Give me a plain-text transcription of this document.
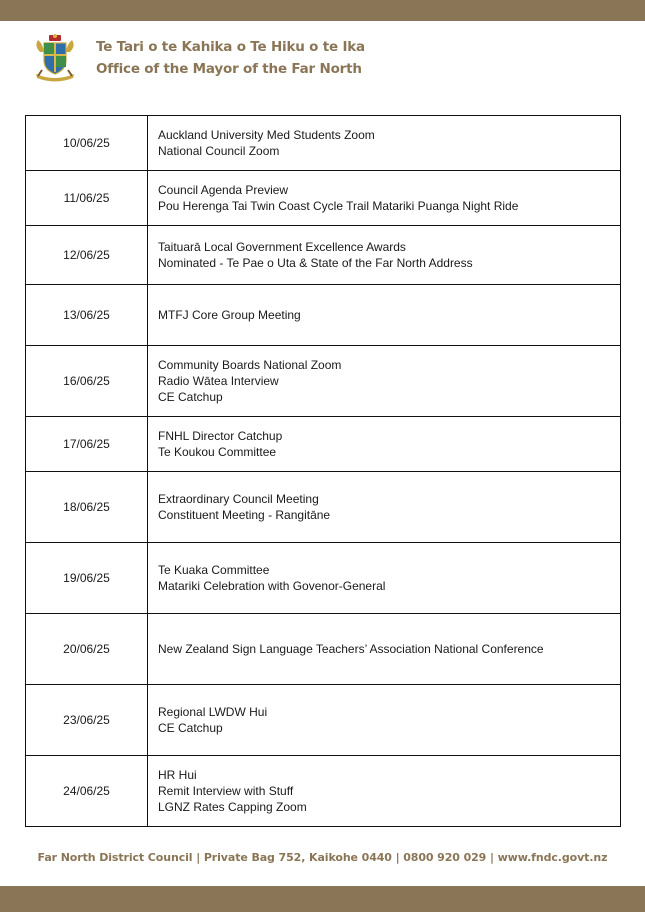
Te Tari o te Kahika o Te Hiku o te Ika
Office of the Mayor of the Far North
10/06/25	Auckland University Med Students Zoom
National Council Zoom

11/06/25	Council Agenda Preview
Pou Herenga Tai Twin Coast Cycle Trail Matariki Puanga Night Ride

12/06/25	Taituarā Local Government Excellence Awards
Nominated - Te Pae o Uta & State of the Far North Address

13/06/25	MTFJ Core Group Meeting

16/06/25	Community Boards National Zoom
Radio Wātea Interview
CE Catchup

17/06/25	FNHL Director Catchup
Te Koukou Committee

18/06/25	Extraordinary Council Meeting
Constituent Meeting - Rangitāne

19/06/25	Te Kuaka Committee
Matariki Celebration with Govenor-General

20/06/25	New Zealand Sign Language Teachers’ Association National Conference

23/06/25	Regional LWDW Hui
CE Catchup

24/06/25	HR Hui
Remit Interview with Stuff
LGNZ Rates Capping Zoom
Far North District Council | Private Bag 752, Kaikohe 0440 | 0800 920 029 | www.fndc.govt.nz
